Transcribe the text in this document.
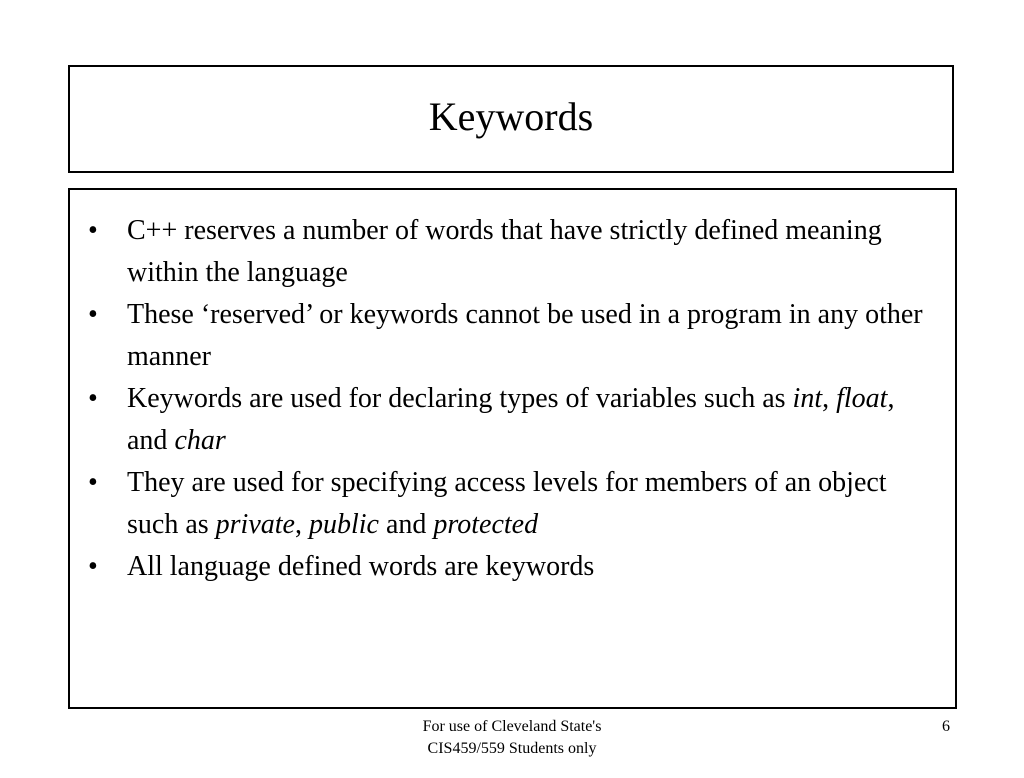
Keywords
•	C++ reserves a number of words that have strictly defined meaning within the language
•	These ‘reserved’ or keywords cannot be used in a program in any other manner
•	Keywords are used for declaring types of variables such as int, float, and char
•	They are used for specifying access levels for members of an object such as private, public and protected
•	All language defined words are keywords
For use of Cleveland State's
CIS459/559 Students only
6
